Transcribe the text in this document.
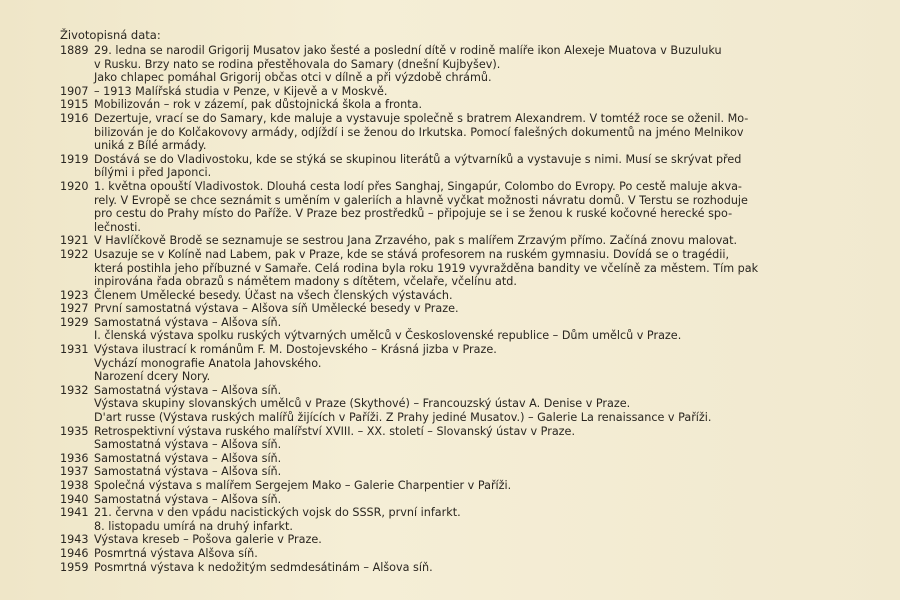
Životopisná data:
1889 29. ledna se narodil Grigorij Musatov jako šesté a poslední dítě v rodině malíře ikon Alexeje Muatova v Buzuluku
v Rusku. Brzy nato se rodina přestěhovala do Samary (dnešní Kujbyšev).
Jako chlapec pomáhal Grigorij občas otci v dílně a při výzdobě chrámů.
1907 – 1913 Malířská studia v Penze, v Kijevě a v Moskvě.
1915 Mobilizován – rok v zázemí, pak důstojnická škola a fronta.
1916 Dezertuje, vrací se do Samary, kde maluje a vystavuje společně s bratrem Alexandrem. V tomtéž roce se oženil. Mo-
bilizován je do Kolčakovovy armády, odjíždí i se ženou do Irkutska. Pomocí falešných dokumentů na jméno Melnikov
uniká z Bílé armády.
1919 Dostává se do Vladivostoku, kde se stýká se skupinou literátů a výtvarníků a vystavuje s nimi. Musí se skrývat před
bílými i před Japonci.
1920 1. května opouští Vladivostok. Dlouhá cesta lodí přes Sanghaj, Singapúr, Colombo do Evropy. Po cestě maluje akva-
rely. V Evropě se chce seznámit s uměním v galeriích a hlavně vyčkat možnosti návratu domů. V Terstu se rozhoduje
pro cestu do Prahy místo do Paříže. V Praze bez prostředků – připojuje se i se ženou k ruské kočovné herecké spo-
lečnosti.
1921 V Havlíčkově Brodě se seznamuje se sestrou Jana Zrzavého, pak s malířem Zrzavým přímo. Začíná znovu malovat.
1922 Usazuje se v Kolíně nad Labem, pak v Praze, kde se stává profesorem na ruském gymnasiu. Dovídá se o tragédii,
která postihla jeho příbuzné v Samaře. Celá rodina byla roku 1919 vyvražděna bandity ve včelíně za městem. Tím pak
inpirována řada obrazů s námětem madony s dítětem, včelaře, včelínu atd.
1923 Členem Umělecké besedy. Účast na všech členských výstavách.
1927 První samostatná výstava – Alšova síň Umělecké besedy v Praze.
1929 Samostatná výstava – Alšova síň.
I. členská výstava spolku ruských výtvarných umělců v Československé republice – Dům umělců v Praze.
1931 Výstava ilustrací k románům F. M. Dostojevského – Krásná jizba v Praze.
Vychází monografie Anatola Jahovského.
Narození dcery Nory.
1932 Samostatná výstava – Alšova síň.
Výstava skupiny slovanských umělců v Praze (Skythové) – Francouzský ústav A. Denise v Praze.
D'art russe (Výstava ruských malířů žijících v Paříži. Z Prahy jediné Musatov.) – Galerie La renaissance v Paříži.
1935 Retrospektivní výstava ruského malířství XVIII. – XX. století – Slovanský ústav v Praze.
Samostatná výstava – Alšova síň.
1936 Samostatná výstava – Alšova síň.
1937 Samostatná výstava – Alšova síň.
1938 Společná výstava s malířem Sergejem Mako – Galerie Charpentier v Paříži.
1940 Samostatná výstava – Alšova síň.
1941 21. června v den vpádu nacistických vojsk do SSSR, první infarkt.
8. listopadu umírá na druhý infarkt.
1943 Výstava kreseb – Pošova galerie v Praze.
1946 Posmrtná výstava Alšova síň.
1959 Posmrtná výstava k nedožitým sedmdesátinám – Alšova síň.
